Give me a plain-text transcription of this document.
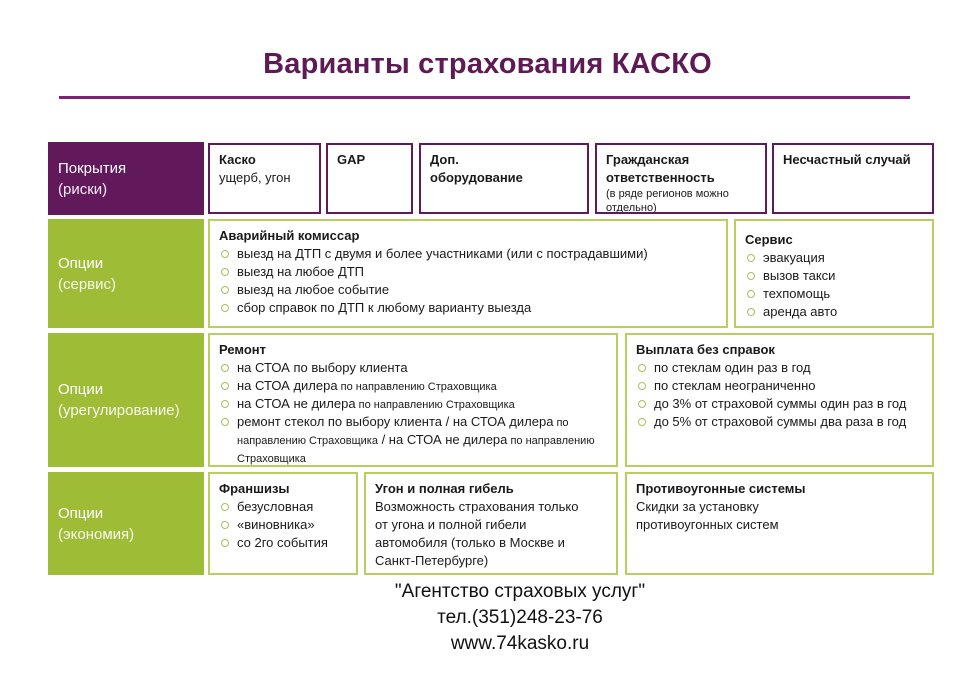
Варианты страхования КАСКО
Покрытия
(риски)
Каско
ущерб, угон
GAP	Доп.
оборудование
Гражданская
ответственность
(в ряде регионов можно отдельно)
Несчастный случай
Опции
(сервис)
Аварийный комиссар
выезд на ДТП с двумя и более участниками (или с пострадавшими)
выезд на любое ДТП
выезд на любое событие
сбор справок по ДТП к любому варианту выезда
Сервис
эвакуация
вызов такси
техпомощь
аренда авто
Опции
(урегулирование)
Ремонт
на СТОА по выбору клиента
на СТОА дилера по направлению Страховщика
на СТОА не дилера по направлению Страховщика
ремонт стекол по выбору клиента / на СТОА дилера по направлению Страховщика / на СТОА не дилера по направлению Страховщика
Выплата без справок
по стеклам один раз в год
по стеклам неограниченно
до 3% от страховой суммы один раз в год
до 5% от страховой суммы два раза в год
Опции
(экономия)
Франшизы
безусловная
«виновника»
со 2го события
Угон и полная гибель
Возможность страхования только от угона и полной гибели автомобиля (только в Москве и Санкт-Петербурге)
Противоугонные системы
Скидки за установку противоугонных систем
"Агентство страховых услуг"
тел.(351)248-23-76
www.74kasko.ru
